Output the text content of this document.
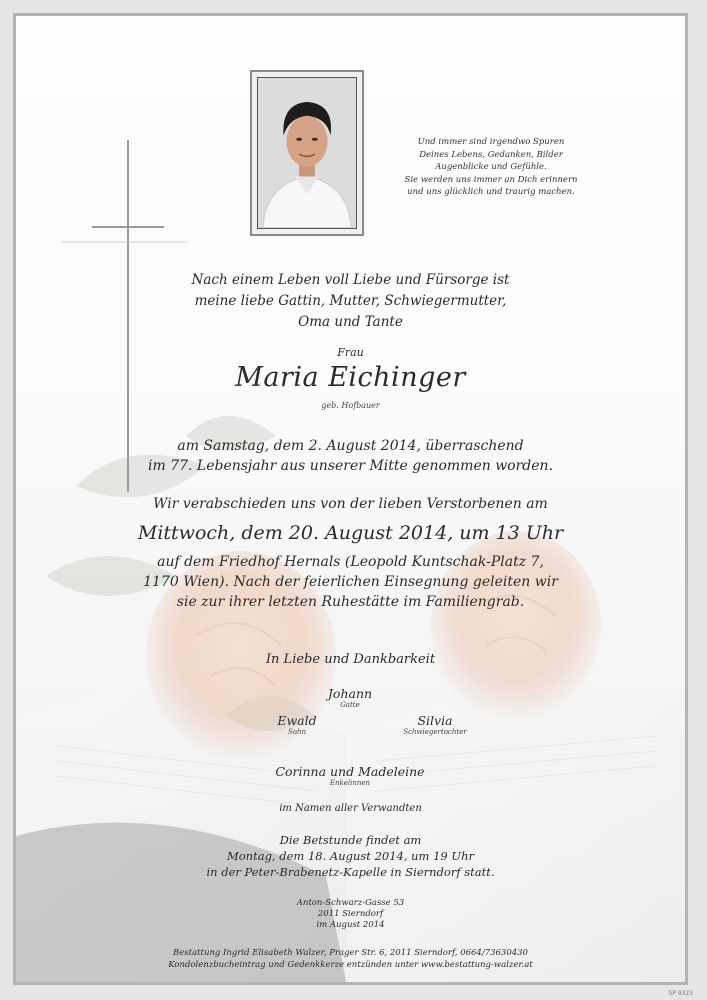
Und immer sind irgendwo Spuren
Deines Lebens, Gedanken, Bilder
Augenblicke und Gefühle.
Sie werden uns immer an Dich erinnern
und uns glücklich und traurig machen.
Nach einem Leben voll Liebe und Fürsorge ist
meine liebe Gattin, Mutter, Schwiegermutter,
Oma und Tante
Frau
Maria Eichinger
geb. Hofbauer
am Samstag, dem 2. August 2014, überraschend
im 77. Lebensjahr aus unserer Mitte genommen worden.
Wir verabschieden uns von der lieben Verstorbenen am
Mittwoch, dem 20. August 2014, um 13 Uhr
auf dem Friedhof Hernals (Leopold Kuntschak-Platz 7,
1170 Wien). Nach der feierlichen Einsegnung geleiten wir
sie zur ihrer letzten Ruhestätte im Familiengrab.
In Liebe und Dankbarkeit
Johann
Gatte
Ewald
Sohn
Silvia
Schwiegertochter
Corinna und Madeleine
Enkelinnen
im Namen aller Verwandten
Die Betstunde findet am
Montag, dem 18. August 2014, um 19 Uhr
in der Peter-Brabenetz-Kapelle in Sierndorf statt.
Anton-Schwarz-Gasse 53
2011 Sierndorf
im August 2014
Bestattung Ingrid Elisabeth Walzer, Prager Str. 6, 2011 Sierndorf, 0664/73630430
Kondolenzbucheintrag und Gedenkkerze entzünden unter www.bestattung-walzer.at
SP 9323
